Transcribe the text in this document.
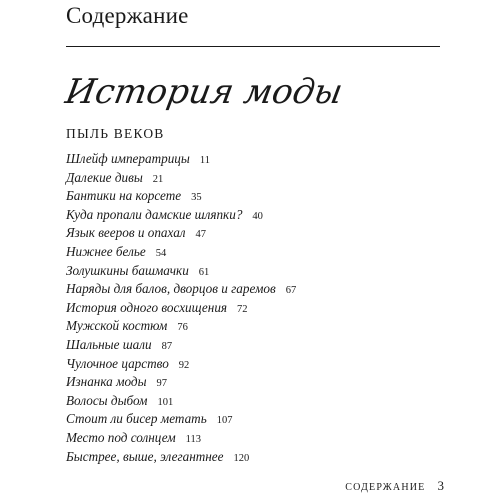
Содержание
История моды
ПЫЛЬ ВЕКОВ
Шлейф императрицы 11
Далекие дивы 21
Бантики на корсете 35
Куда пропали дамские шляпки? 40
Язык вееров и опахал 47
Нижнее белье 54
Золушкины башмачки 61
Наряды для балов, дворцов и гаремов 67
История одного восхищения 72
Мужской костюм 76
Шальные шали 87
Чулочное царство 92
Изнанка моды 97
Волосы дыбом 101
Стоит ли бисер метать 107
Место под солнцем 113
Быстрее, выше, элегантнее 120
СОДЕРЖАНИЕ 3
